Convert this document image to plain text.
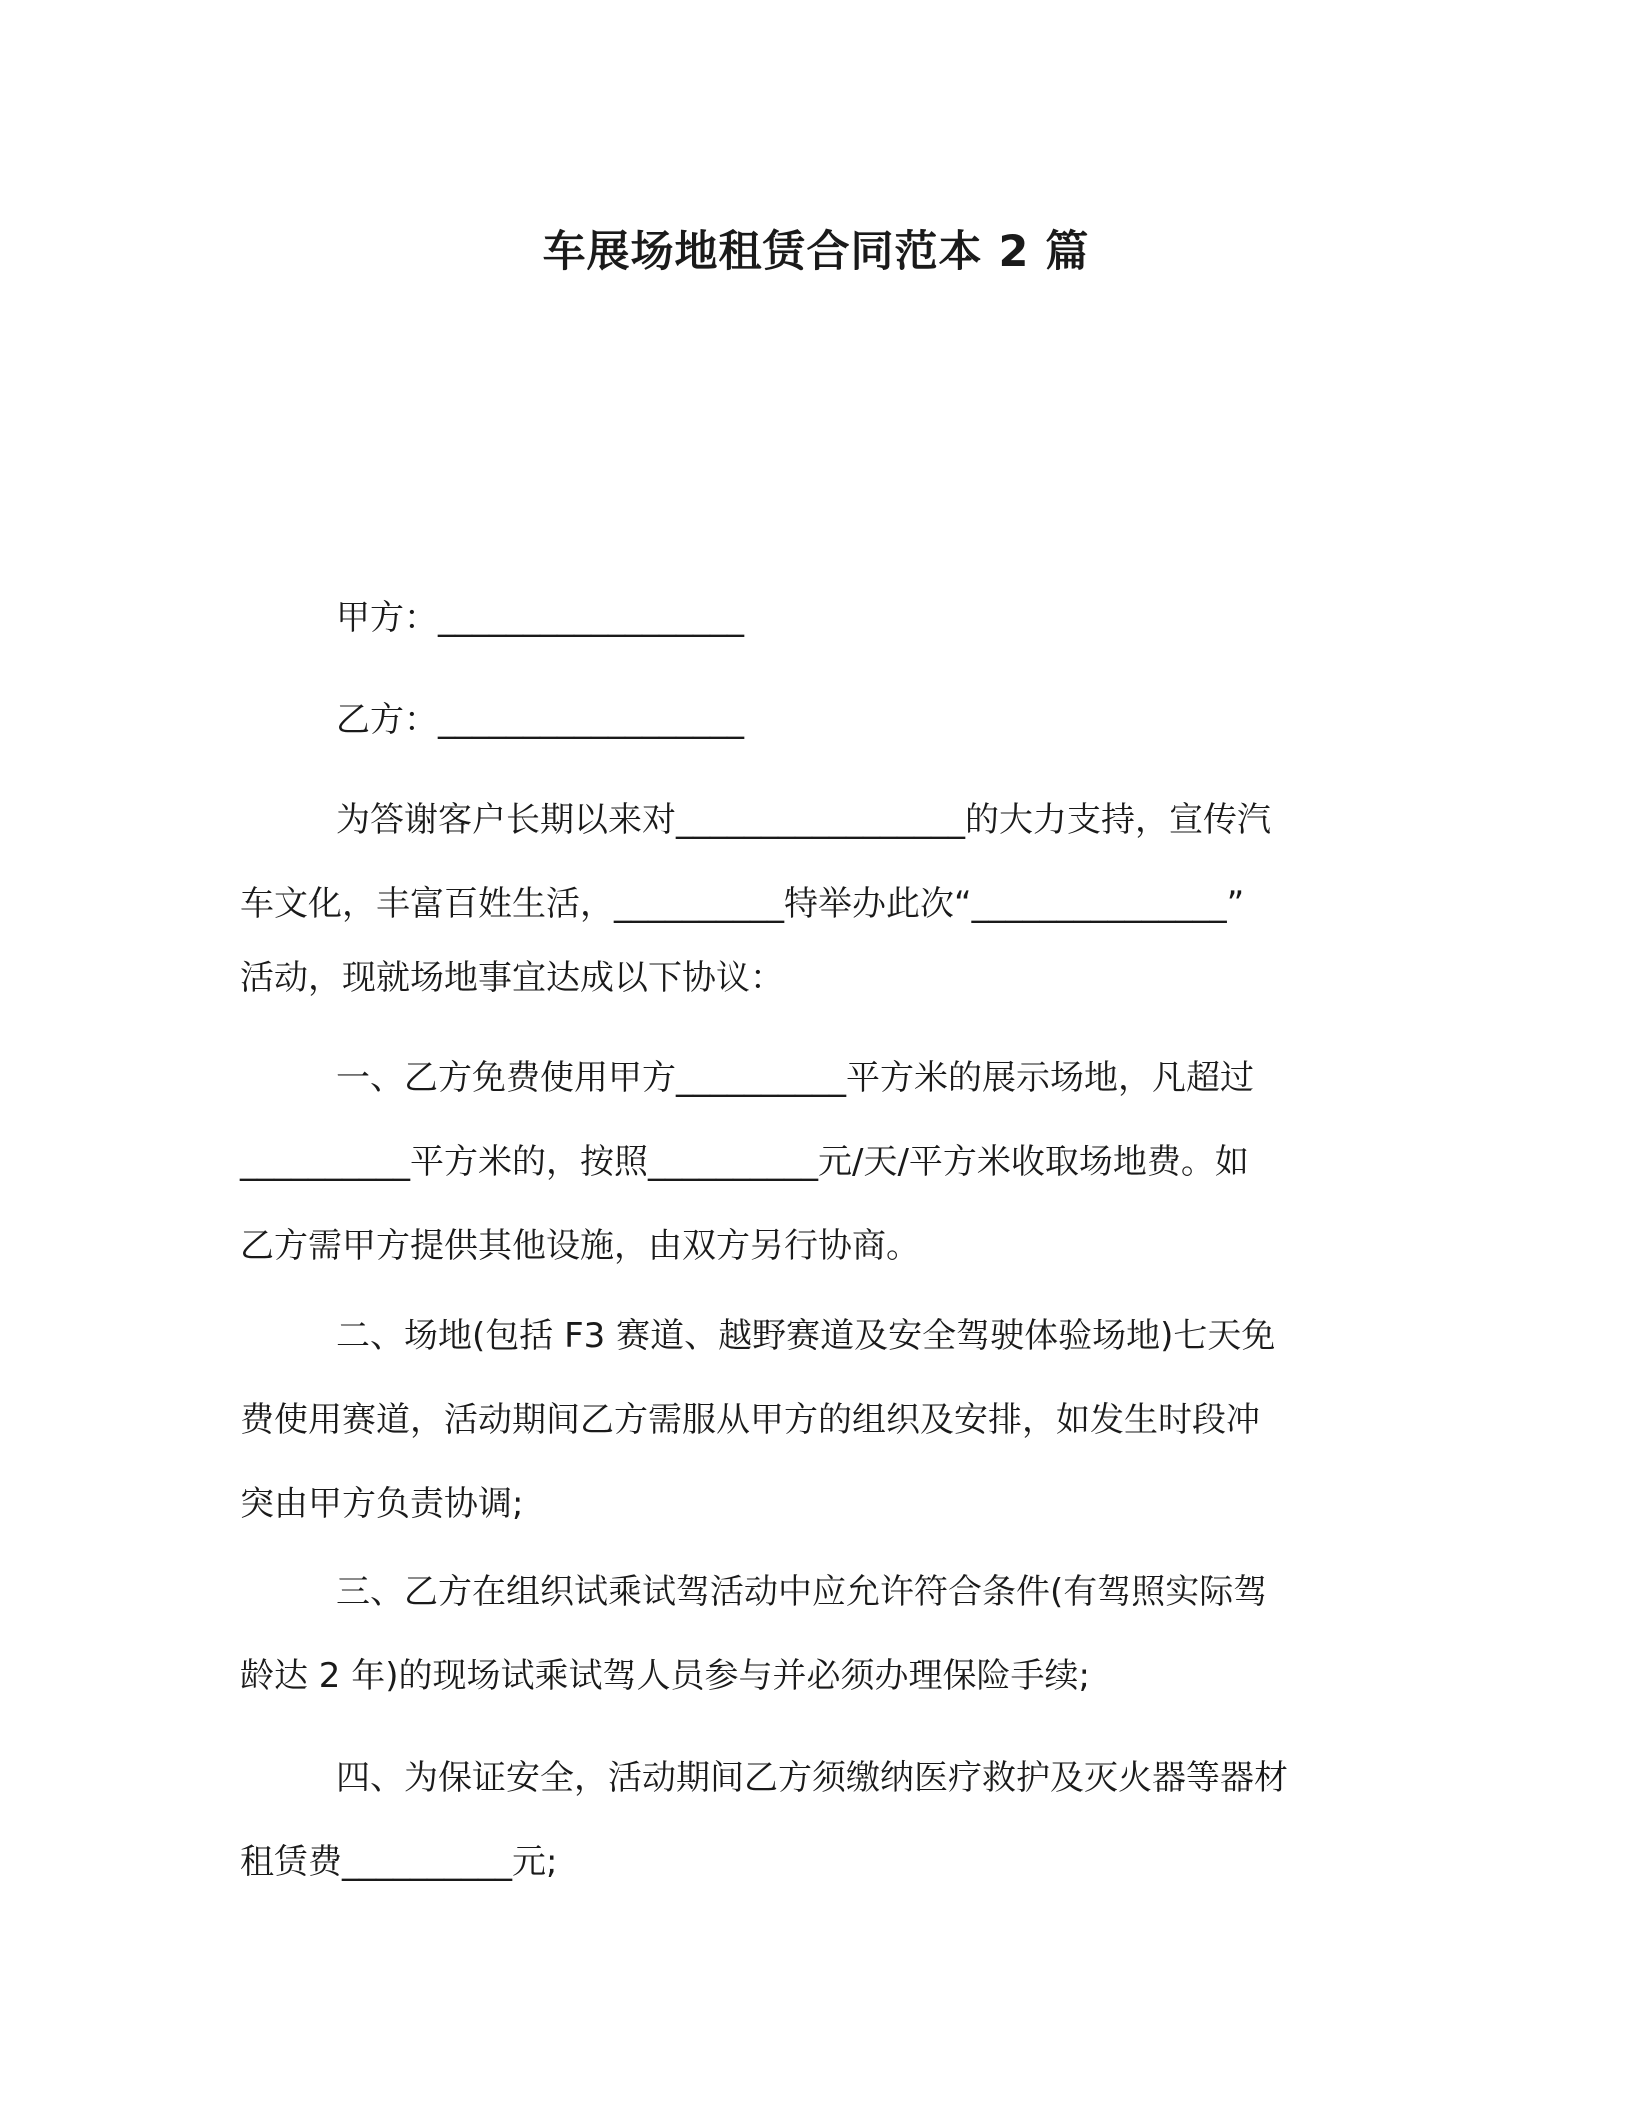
车展场地租赁合同范本 2 篇
甲方：__________________
乙方：__________________
为答谢客户长期以来对_________________的大力支持，宣传汽
车文化，丰富百姓生活，__________特举办此次“_______________”
活动，现就场地事宜达成以下协议：
一、乙方免费使用甲方__________平方米的展示场地，凡超过
__________平方米的，按照__________元/天/平方米收取场地费。如
乙方需甲方提供其他设施，由双方另行协商。
二、场地(包括 F3 赛道、越野赛道及安全驾驶体验场地)七天免
费使用赛道，活动期间乙方需服从甲方的组织及安排，如发生时段冲
突由甲方负责协调;
三、乙方在组织试乘试驾活动中应允许符合条件(有驾照实际驾
龄达 2 年)的现场试乘试驾人员参与并必须办理保险手续;
四、为保证安全，活动期间乙方须缴纳医疗救护及灭火器等器材
租赁费__________元;
